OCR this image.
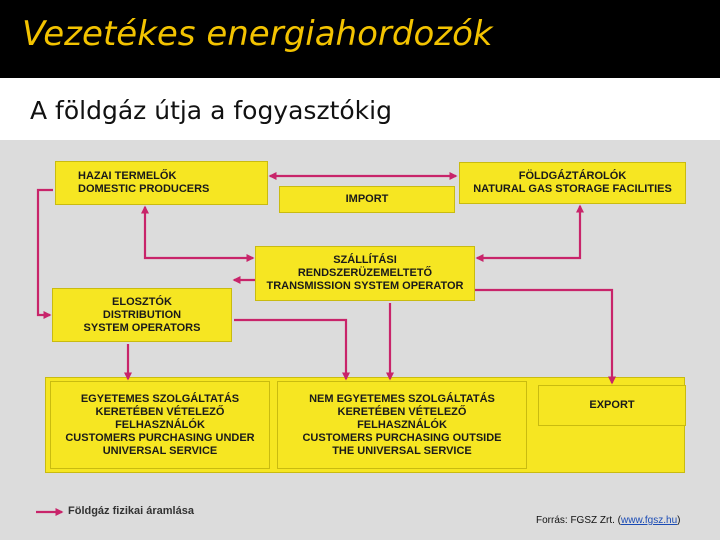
Vezetékes energiahordozók
A földgáz útja a fogyasztókig
HAZAI TERMELŐK
DOMESTIC PRODUCERS
IMPORT
FÖLDGÁZTÁROLÓK
NATURAL GAS STORAGE FACILITIES
SZÁLLÍTÁSI
RENDSZERÜZEMELTETŐ
TRANSMISSION SYSTEM OPERATOR
ELOSZTÓK
DISTRIBUTION
SYSTEM OPERATORS
EGYETEMES SZOLGÁLTATÁS
KERETÉBEN VÉTELEZŐ
FELHASZNÁLÓK
CUSTOMERS PURCHASING UNDER
UNIVERSAL SERVICE
NEM EGYETEMES SZOLGÁLTATÁS
KERETÉBEN VÉTELEZŐ
FELHASZNÁLÓK
CUSTOMERS PURCHASING OUTSIDE
THE UNIVERSAL SERVICE
EXPORT
Földgáz fizikai áramlása
Forrás: FGSZ Zrt. (www.fgsz.hu)
